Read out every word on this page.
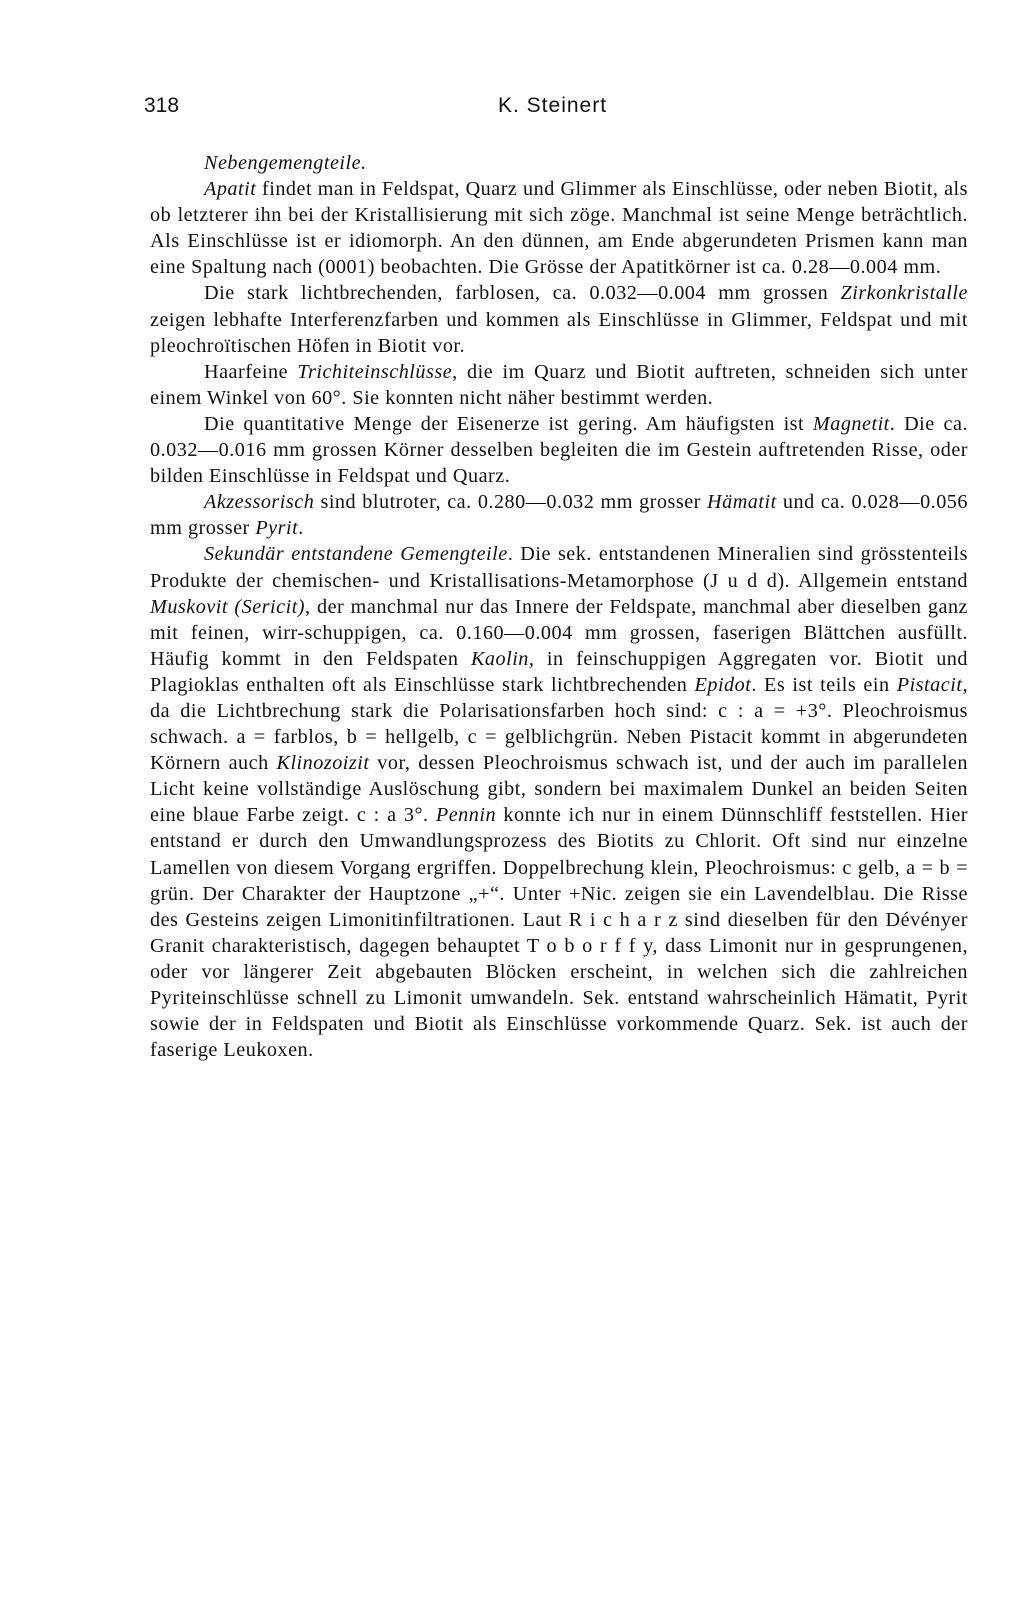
318	K. Steinert

Nebengemengteile.

Apatit findet man in Feldspat, Quarz und Glimmer als Einschlüsse, oder neben Biotit, als ob letzterer ihn bei der Kristallisierung mit sich zöge. Manchmal ist seine Menge beträchtlich. Als Einschlüsse ist er idiomorph. An den dünnen, am Ende abgerundeten Prismen kann man eine Spaltung nach (0001) beobachten. Die Grösse der Apatitkörner ist ca. 0.28—0.004 mm.

Die stark lichtbrechenden, farblosen, ca. 0.032—0.004 mm grossen Zirkonkristalle zeigen lebhafte Interferenzfarben und kommen als Einschlüsse in Glimmer, Feldspat und mit pleochroïtischen Höfen in Biotit vor.

Haarfeine Trichiteinschlüsse, die im Quarz und Biotit auftreten, schneiden sich unter einem Winkel von 60°. Sie konnten nicht näher bestimmt werden.

Die quantitative Menge der Eisenerze ist gering. Am häufigsten ist Magnetit. Die ca. 0.032—0.016 mm grossen Körner desselben begleiten die im Gestein auftretenden Risse, oder bilden Einschlüsse in Feldspat und Quarz.

Akzessorisch sind blutroter, ca. 0.280—0.032 mm grosser Hämatit und ca. 0.028—0.056 mm grosser Pyrit.

Sekundär entstandene Gemengteile. Die sek. entstandenen Mineralien sind grösstenteils Produkte der chemischen- und Kristallisations-Metamorphose (J u d d). Allgemein entstand Muskovit (Sericit), der manchmal nur das Innere der Feldspate, manchmal aber dieselben ganz mit feinen, wirr-schuppigen, ca. 0.160—0.004 mm grossen, faserigen Blättchen ausfüllt. Häufig kommt in den Feldspaten Kaolin, in feinschuppigen Aggregaten vor. Biotit und Plagioklas enthalten oft als Einschlüsse stark lichtbrechenden Epidot. Es ist teils ein Pistacit, da die Lichtbrechung stark die Polarisationsfarben hoch sind: c : a = +3°. Pleochroismus schwach. a = farblos, b = hellgelb, c = gelblichgrün. Neben Pistacit kommt in abgerundeten Körnern auch Klinozoizit vor, dessen Pleochroismus schwach ist, und der auch im parallelen Licht keine vollständige Auslöschung gibt, sondern bei maximalem Dunkel an beiden Seiten eine blaue Farbe zeigt. c : a 3°. Pennin konnte ich nur in einem Dünnschliff feststellen. Hier entstand er durch den Umwandlungsprozess des Biotits zu Chlorit. Oft sind nur einzelne Lamellen von diesem Vorgang ergriffen. Doppelbrechung klein, Pleochroismus: c gelb, a = b = grün. Der Charakter der Hauptzone „+“. Unter +Nic. zeigen sie ein Lavendelblau. Die Risse des Gesteins zeigen Limonitinfiltrationen. Laut R i c h a r z sind dieselben für den Dévényer Granit charakteristisch, dagegen behauptet T o b o r f f y, dass Limonit nur in gesprungenen, oder vor längerer Zeit abgebauten Blöcken erscheint, in welchen sich die zahlreichen Pyriteinschlüsse schnell zu Limonit umwandeln. Sek. entstand wahrscheinlich Hämatit, Pyrit sowie der in Feldspaten und Biotit als Einschlüsse vorkommende Quarz. Sek. ist auch der faserige Leukoxen.
